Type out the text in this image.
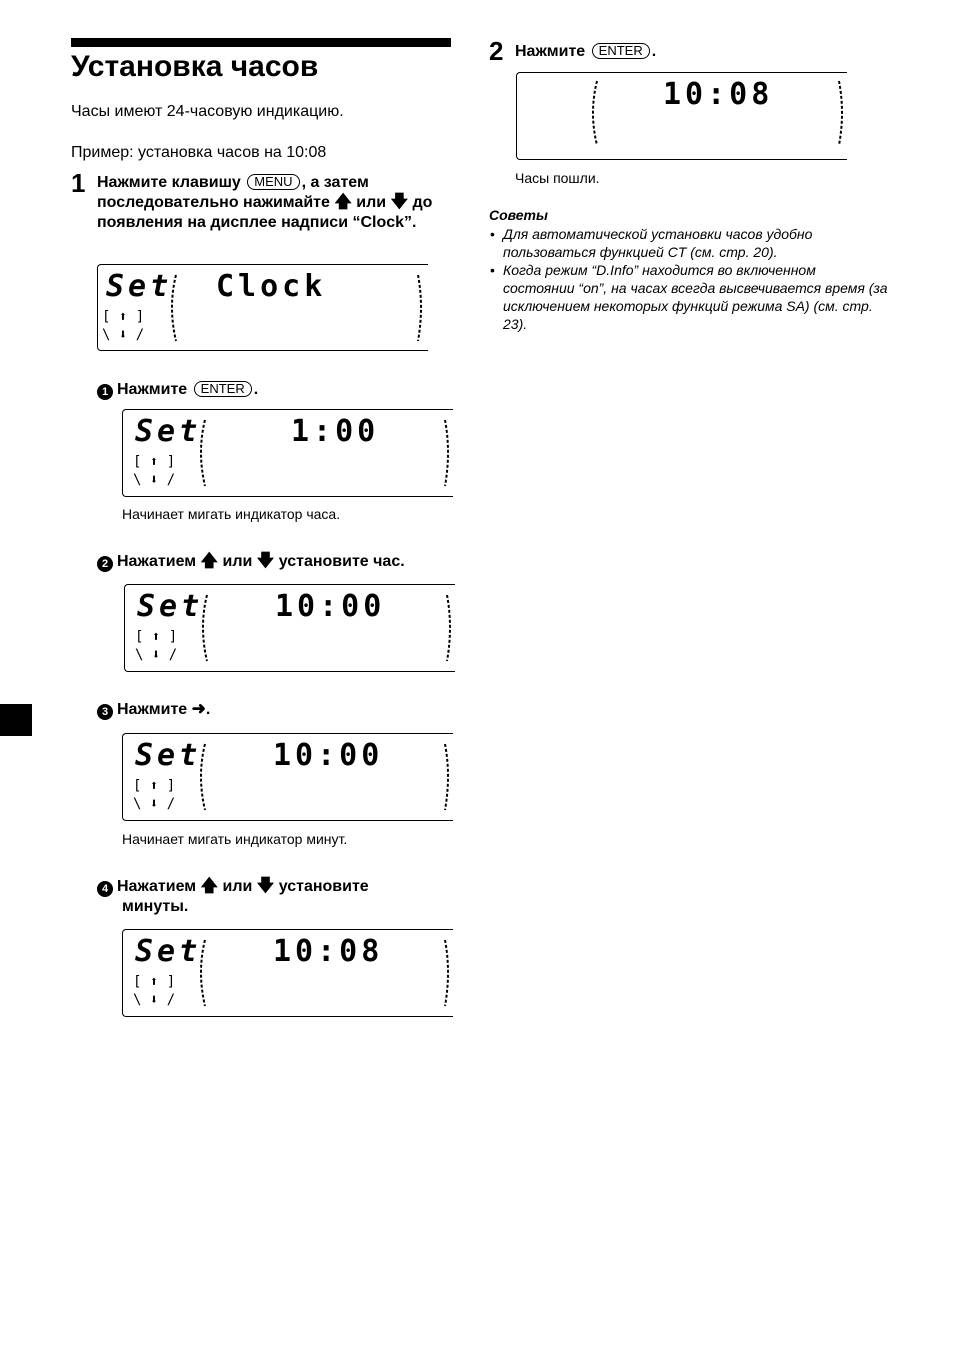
Установка часов
Часы имеют 24-часовую индикацию.
Пример: установка часов на 10:08
1 Нажмите клавишу MENU , а затем последовательно нажимайте 🡅 или 🡇 до появления на дисплее надписи “Clock”.
[ ⬆ ]
\ ⬇ /
Set Clock
1 Нажмите ENTER .
[ ⬆ ]
\ ⬇ /
Set	1:00
Начинает мигать индикатор часа.
2 Нажатием 🡅 или 🡇 установите час.
[ ⬆ ]
\ ⬇ /
Set 10:00
3 Нажмите ➜.
[ ⬆ ]
\ ⬇ /
Set 10:00
Начинает мигать индикатор минут.
4 Нажатием 🡅 или 🡇 установите
минуты.
[ ⬆ ]
\ ⬇ /
Set 10:08
2 Нажмите ENTER .
10:08
Часы пошли.
Советы
• Для автоматической установки часов удобно пользоваться функцией CT (см. стр. 20).
• Когда режим “D.Info” находится во включенном состоянии “on”, на часах всегда высвечивается время (за исключением некоторых функций режима SA) (см. стр. 23).
